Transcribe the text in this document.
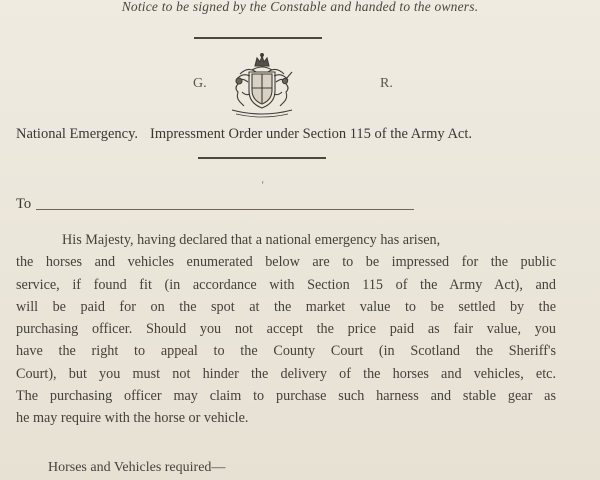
Notice to be signed by the Constable and handed to the owners.
G.	R.
National Emergency. Impressment Order under Section 115 of the Army Act.
‘
To
His Majesty, having declared that a national emergency has arisen,
the horses and vehicles enumerated below are to be impressed for the public
service, if found fit (in accordance with Section 115 of the Army Act), and
will be paid for on the spot at the market value to be settled by the
purchasing officer. Should you not accept the price paid as fair value, you
have the right to appeal to the County Court (in Scotland the Sheriff's
Court), but you must not hinder the delivery of the horses and vehicles, etc.
The purchasing officer may claim to purchase such harness and stable gear as
he may require with the horse or vehicle.
Horses and Vehicles required—
